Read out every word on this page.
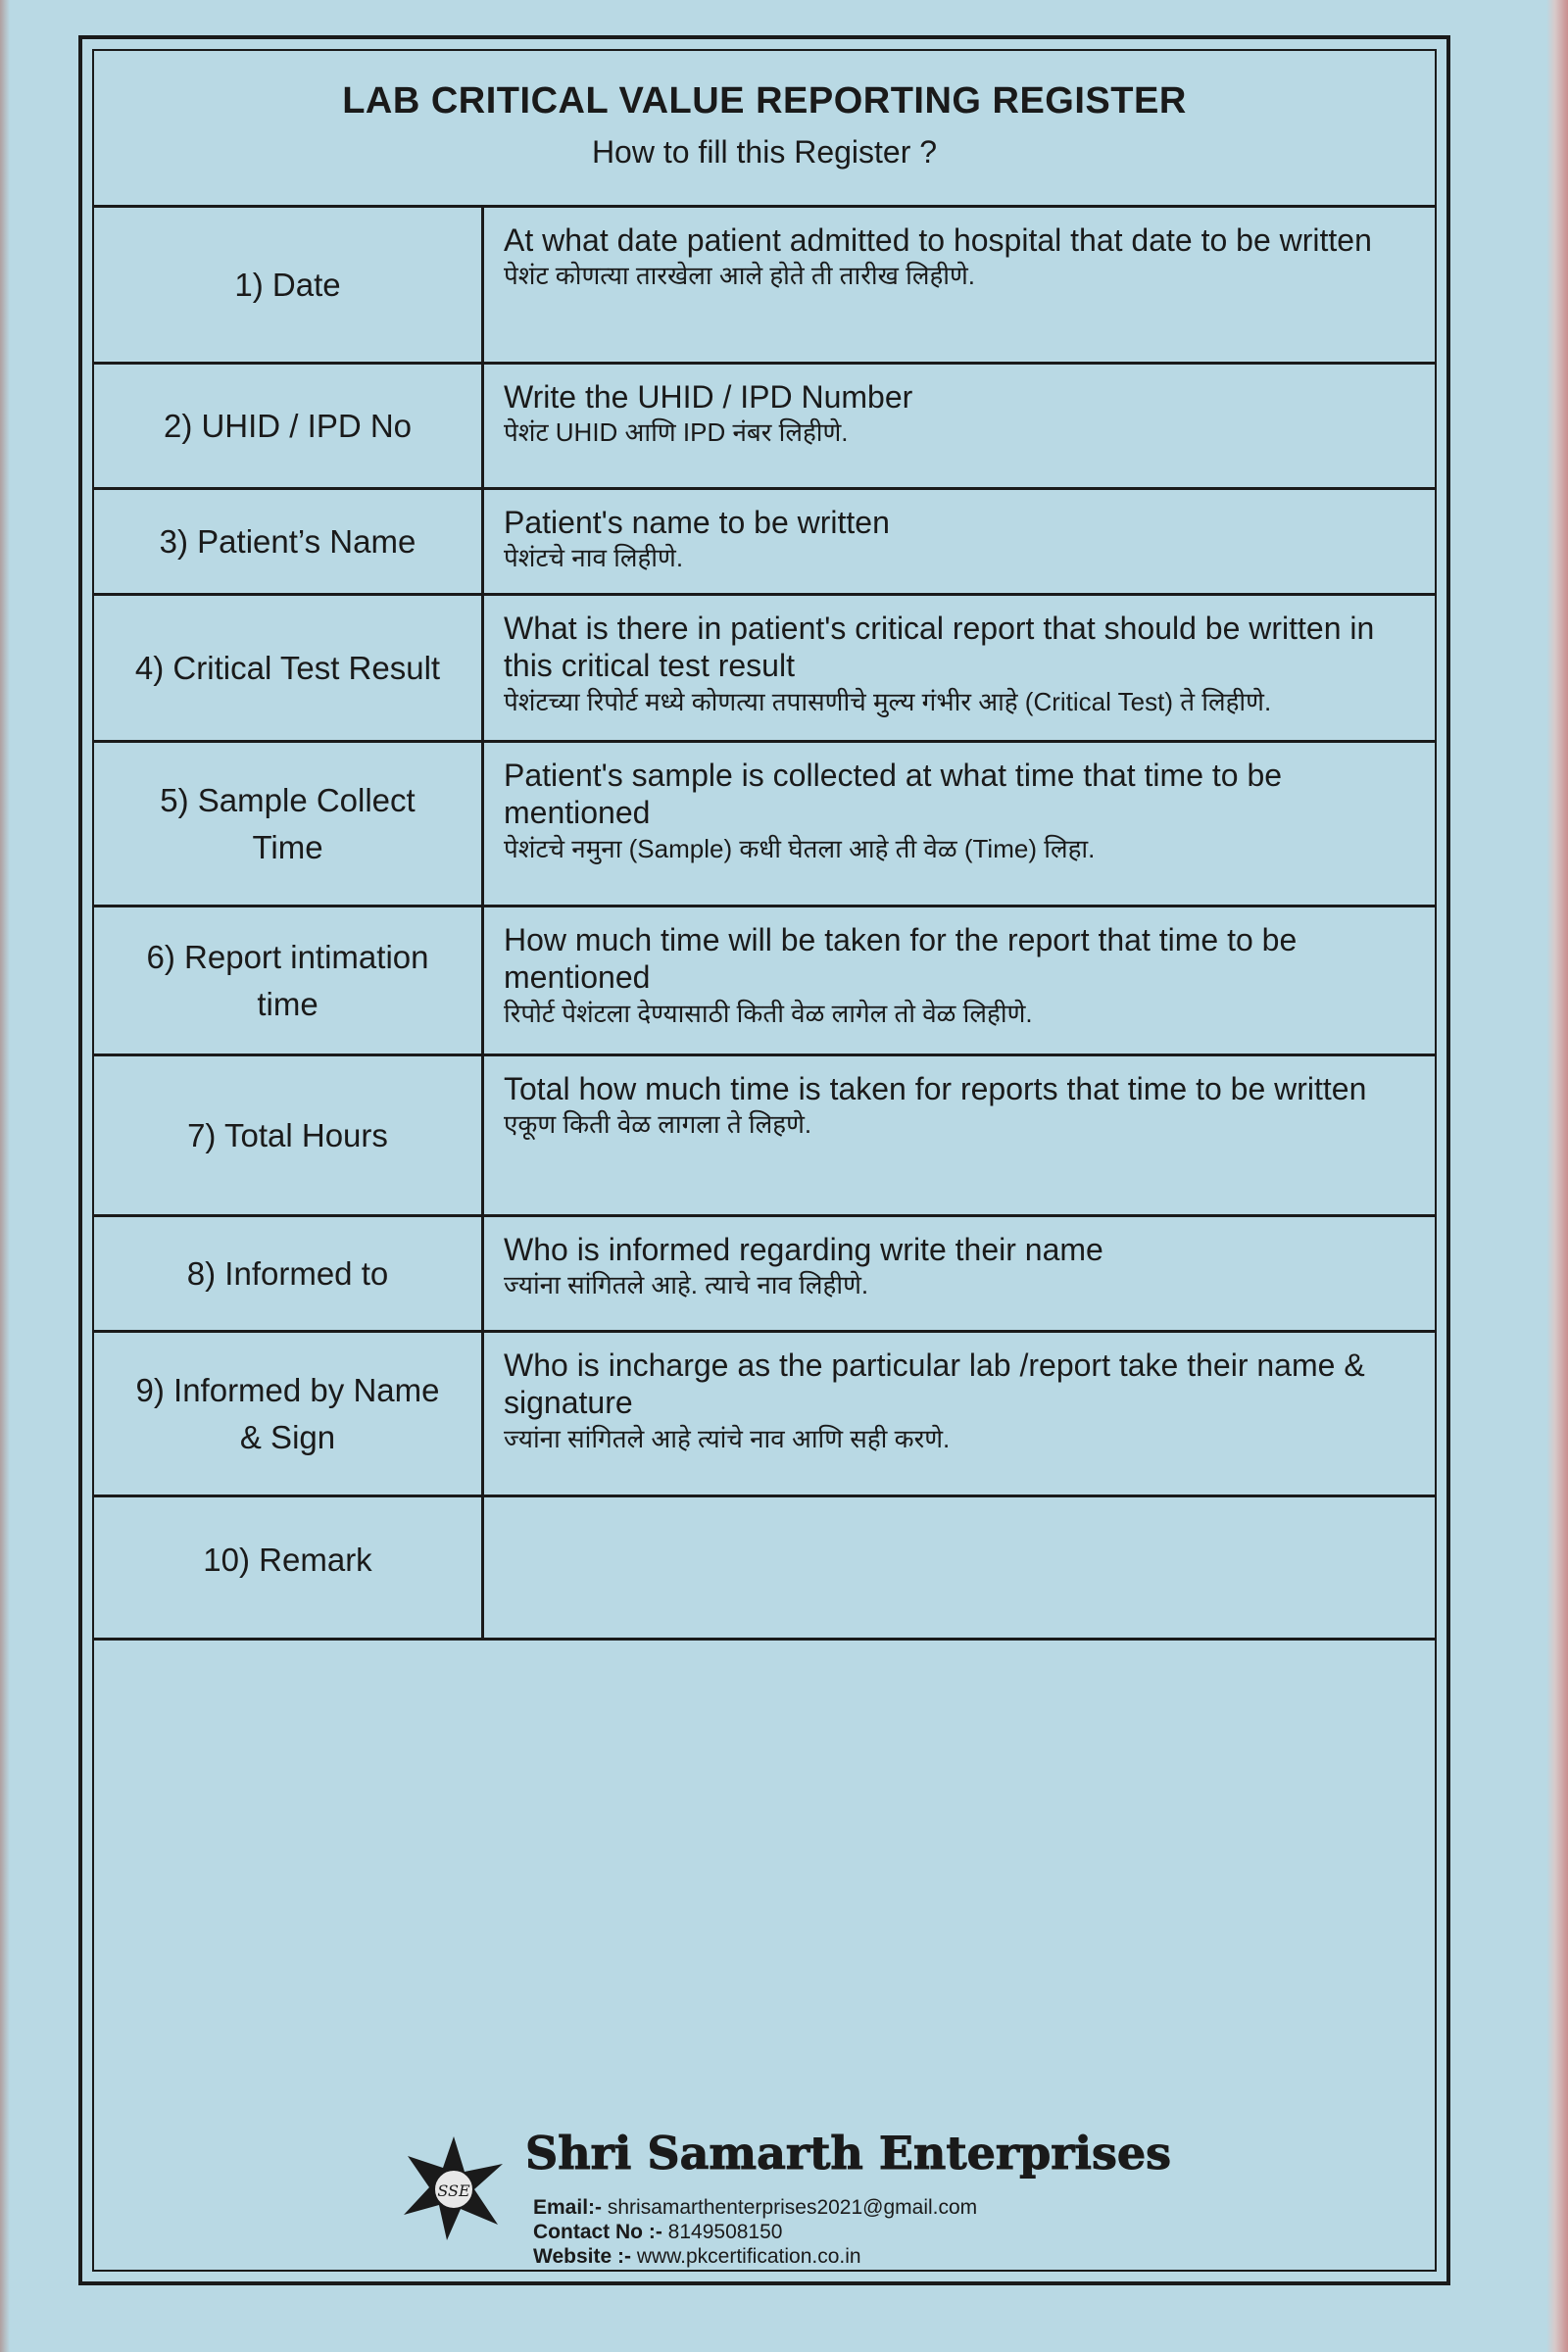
LAB CRITICAL VALUE REPORTING REGISTER
How to fill this Register ?
1) Date
At what date patient admitted to hospital that date to be written
पेशंट कोणत्या तारखेला आले होते ती तारीख लिहीणे.
2) UHID / IPD No
Write the UHID / IPD Number
पेशंट UHID आणि IPD नंबर लिहीणे.
3) Patient’s Name
Patient's name to be written
पेशंटचे नाव लिहीणे.
4) Critical Test Result
What is there in patient's critical report that should be written in this critical test result
पेशंटच्या रिपोर्ट मध्ये कोणत्या तपासणीचे मुल्य गंभीर आहे (Critical Test) ते लिहीणे.
5) Sample Collect Time
Patient's sample is collected at what time that time to be mentioned
पेशंटचे नमुना (Sample) कधी घेतला आहे ती वेळ (Time) लिहा.
6) Report intimation time
How much time will be taken for the report that time to be mentioned
रिपोर्ट पेशंटला देण्यासाठी किती वेळ लागेल तो वेळ लिहीणे.
7) Total Hours
Total how much time is taken for reports that time to be written
एकूण किती वेळ लागला ते लिहणे.
8) Informed to
Who is informed regarding write their name
ज्यांना सांगितले आहे. त्याचे नाव लिहीणे.
9) Informed by Name & Sign
Who is incharge as the particular lab /report take their name & signature
ज्यांना सांगितले आहे त्यांचे नाव आणि सही करणे.
10) Remark
SSE
Shri Samarth Enterprises
Email:- shrisamarthenterprises2021@gmail.com
Contact No :- 8149508150
Website :- www.pkcertification.co.in
